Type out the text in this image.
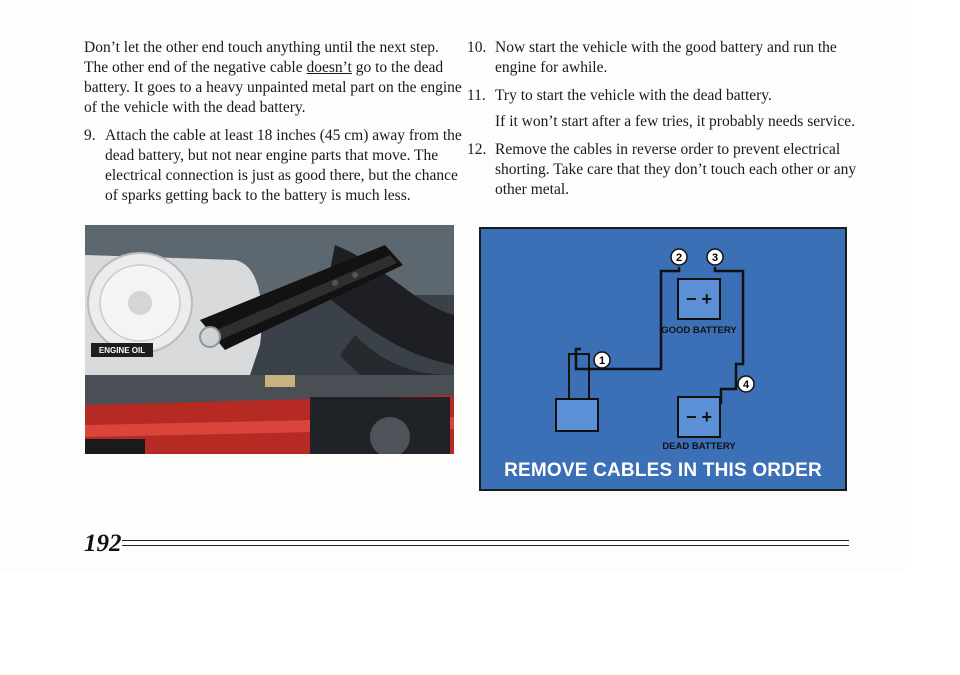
Don’t let the other end touch anything until the next step. The other end of the negative cable doesn’t go to the dead battery. It goes to a heavy unpainted metal part on the engine of the vehicle with the dead battery.

9. Attach the cable at least 18 inches (45 cm) away from the dead battery, but not near engine parts that move. The electrical connection is just as good there, but the chance of sparks getting back to the battery is much less.
10. Now start the vehicle with the good battery and run the engine for awhile.
11. Try to start the vehicle with the dead battery.

If it won’t start after a few tries, it probably needs service.

12. Remove the cables in reverse order to prevent electrical shorting. Take care that they don’t touch each other or any other metal.
ENGINE OIL
2	3
1
4
− +
GOOD BATTERY
− +
DEAD BATTERY
REMOVE CABLES IN THIS ORDER
192
